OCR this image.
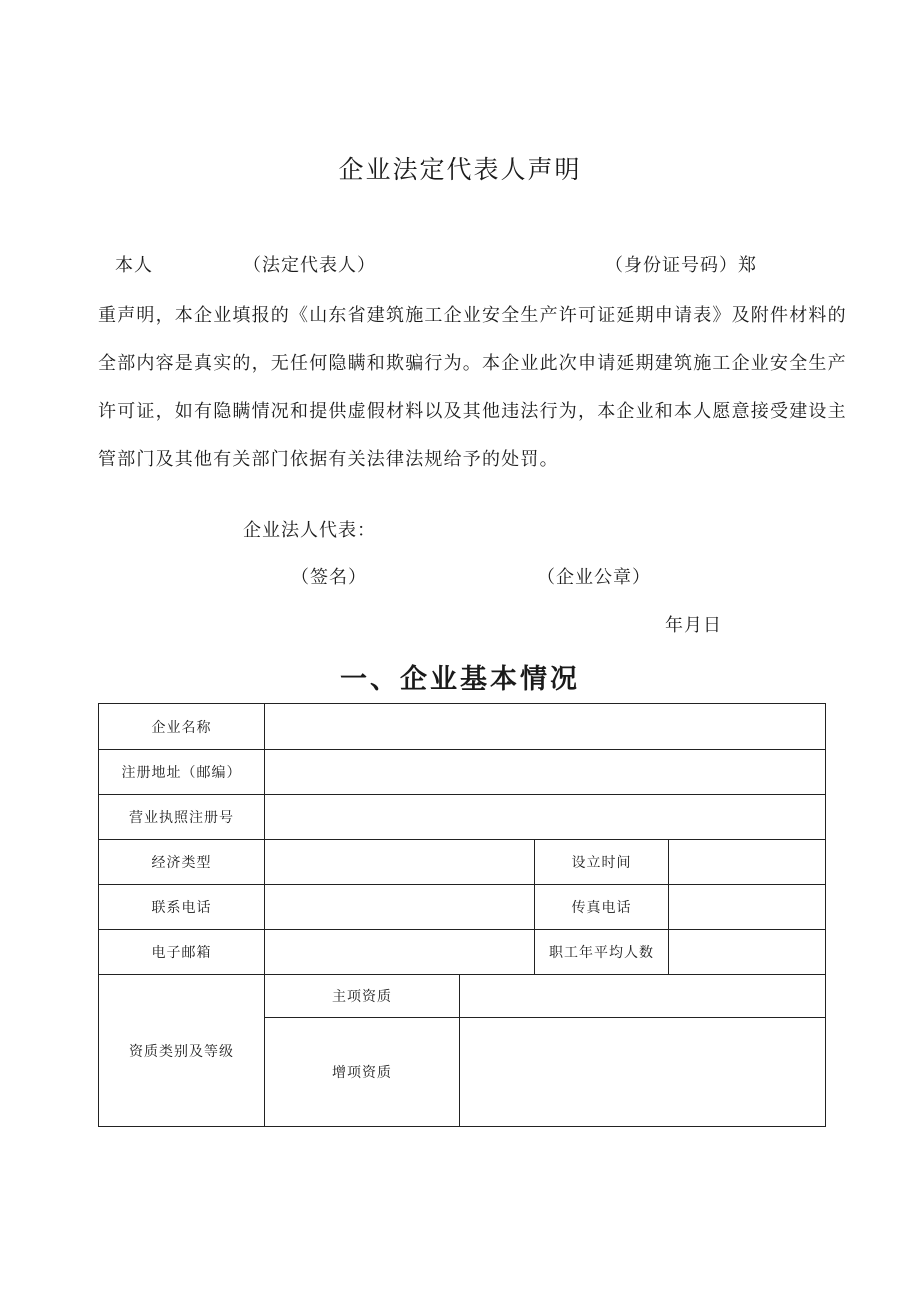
企业法定代表人声明
本人	（法定代表人）	（身份证号码）郑
重声明，本企业填报的《山东省建筑施工企业安全生产许可证延期申请表》及附件材料的全部内容是真实的，无任何隐瞒和欺骗行为。本企业此次申请延期建筑施工企业安全生产许可证，如有隐瞒情况和提供虚假材料以及其他违法行为，本企业和本人愿意接受建设主管部门及其他有关部门依据有关法律法规给予的处罚。
企业法人代表：
（签名）	（企业公章）
年月日
一、企业基本情况
企业名称				
注册地址（邮编）				
营业执照注册号				
经济类型			设立时间	
联系电话			传真电话	
电子邮箱			职工年平均人数	
资质类别及等级	主项资质			
	增项资质			
